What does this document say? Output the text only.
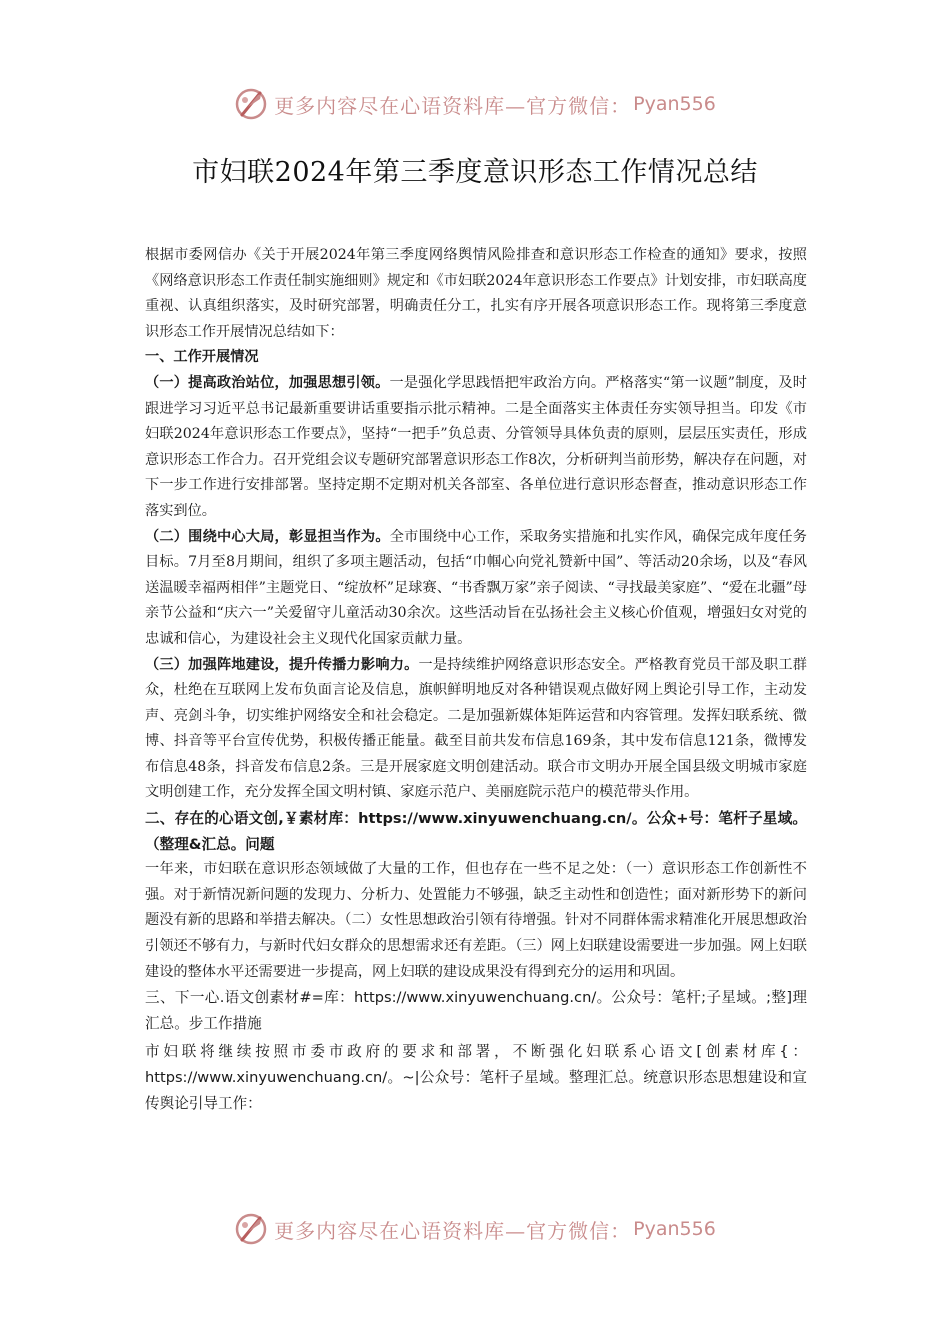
更多内容尽在心语资料库—官方微信： Pyan556
市妇联2024年第三季度意识形态工作情况总结

根据市委网信办《关于开展2024年第三季度网络舆情风险排查和意识形态工作检查的通知》要求，按照《网络意识形态工作责任制实施细则》规定和《市妇联2024年意识形态工作要点》计划安排，市妇联高度重视、认真组织落实，及时研究部署，明确责任分工，扎实有序开展各项意识形态工作。现将第三季度意识形态工作开展情况总结如下：

一、工作开展情况

（一）提高政治站位，加强思想引领。一是强化学思践悟把牢政治方向。严格落实“第一议题”制度，及时跟进学习习近平总书记最新重要讲话重要指示批示精神。二是全面落实主体责任夯实领导担当。印发《市妇联2024年意识形态工作要点》，坚持“一把手”负总责、分管领导具体负责的原则，层层压实责任，形成意识形态工作合力。召开党组会议专题研究部署意识形态工作8次，分析研判当前形势，解决存在问题，对下一步工作进行安排部署。坚持定期不定期对机关各部室、各单位进行意识形态督查，推动意识形态工作落实到位。

（二）围绕中心大局，彰显担当作为。全市围绕中心工作，采取务实措施和扎实作风，确保完成年度任务目标。7月至8月期间，组织了多项主题活动，包括“巾帼心向党礼赞新中国”、等活动20余场，以及“春风送温暖幸福两相伴”主题党日、“绽放杯”足球赛、“书香飘万家”亲子阅读、“寻找最美家庭”、“爱在北疆”母亲节公益和“庆六一”关爱留守儿童活动30余次。这些活动旨在弘扬社会主义核心价值观，增强妇女对党的忠诚和信心，为建设社会主义现代化国家贡献力量。

（三）加强阵地建设，提升传播力影响力。一是持续维护网络意识形态安全。严格教育党员干部及职工群众，杜绝在互联网上发布负面言论及信息，旗帜鲜明地反对各种错误观点做好网上舆论引导工作，主动发声、亮剑斗争，切实维护网络安全和社会稳定。二是加强新媒体矩阵运营和内容管理。发挥妇联系统、微博、抖音等平台宣传优势，积极传播正能量。截至目前共发布信息169条，其中发布信息121条，微博发布信息48条，抖音发布信息2条。三是开展家庭文明创建活动。联合市文明办开展全国县级文明城市家庭文明创建工作，充分发挥全国文明村镇、家庭示范户、美丽庭院示范户的模范带头作用。

二、存在的心语文创,￥素材库：https://www.xinyuwenchuang.cn/。公众+号：笔杆子星域。（整理&汇总。问题

一年来，市妇联在意识形态领域做了大量的工作，但也存在一些不足之处：（一）意识形态工作创新性不强。对于新情况新问题的发现力、分析力、处置能力不够强，缺乏主动性和创造性；面对新形势下的新问题没有新的思路和举措去解决。（二）女性思想政治引领有待增强。针对不同群体需求精准化开展思想政治引领还不够有力，与新时代妇女群众的思想需求还有差距。（三）网上妇联建设需要进一步加强。网上妇联建设的整体水平还需要进一步提高，网上妇联的建设成果没有得到充分的运用和巩固。

三、下一心.语文创素材#=库：https://www.xinyuwenchuang.cn/。公众号：笔杆;子星域。;整]理汇总。步工作措施

市妇联将继续按照市委市政府的要求和部署，不断强化妇联系心语文[创素材库{：https://www.xinyuwenchuang.cn/。~|公众号：笔杆子星域。整理汇总。统意识形态思想建设和宣传舆论引导工作：

更多内容尽在心语资料库—官方微信： Pyan556
